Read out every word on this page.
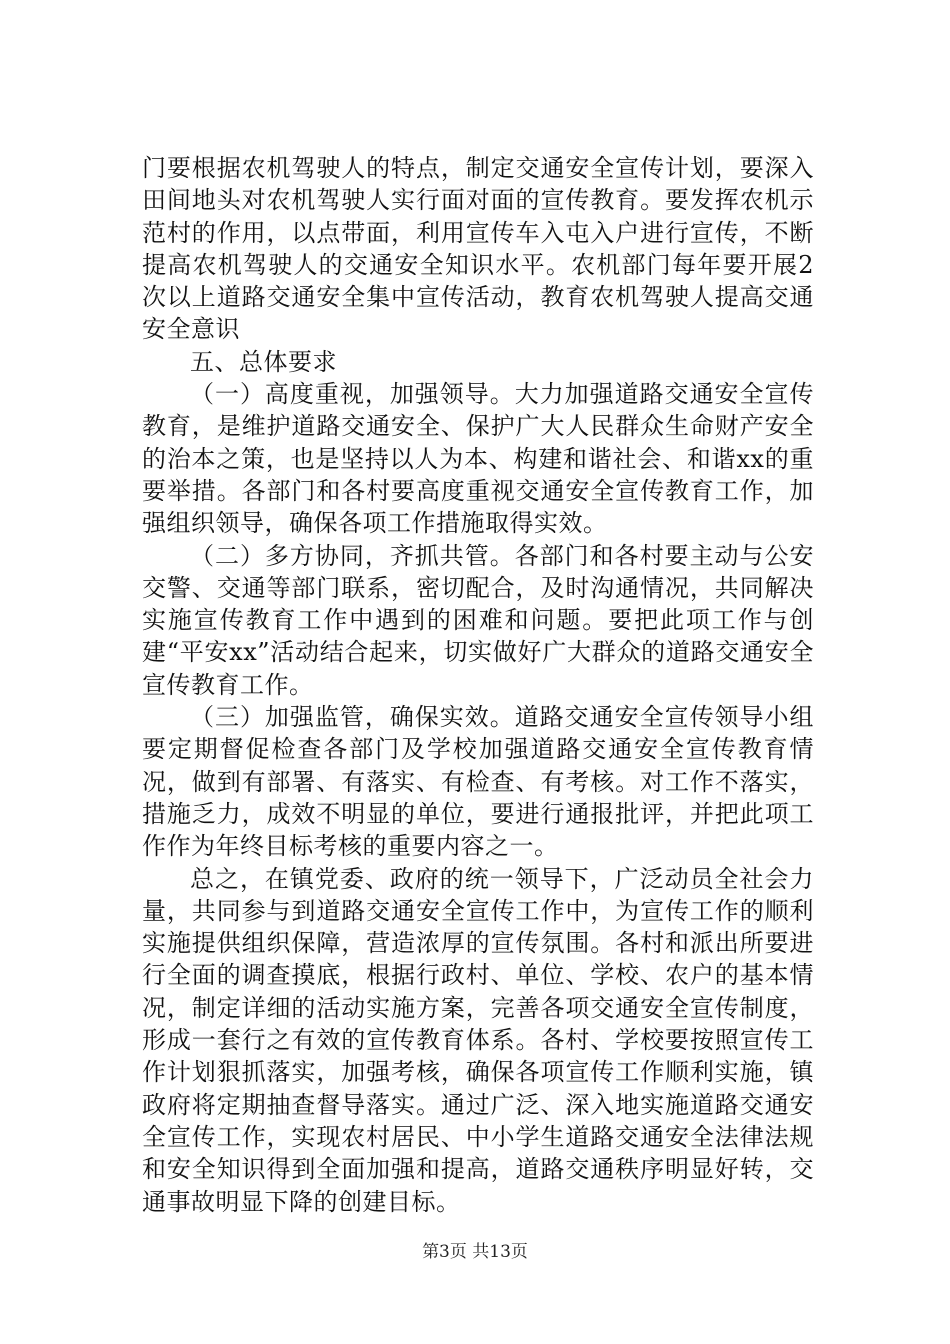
门要根据农机驾驶人的特点，制定交通安全宣传计划，要深入田间地头对农机驾驶人实行面对面的宣传教育。要发挥农机示范村的作用，以点带面，利用宣传车入屯入户进行宣传，不断提高农机驾驶人的交通安全知识水平。农机部门每年要开展2次以上道路交通安全集中宣传活动，教育农机驾驶人提高交通安全意识

五、总体要求

（一）高度重视，加强领导。大力加强道路交通安全宣传教育，是维护道路交通安全、保护广大人民群众生命财产安全的治本之策，也是坚持以人为本、构建和谐社会、和谐xx的重要举措。各部门和各村要高度重视交通安全宣传教育工作，加强组织领导，确保各项工作措施取得实效。

（二）多方协同，齐抓共管。各部门和各村要主动与公安交警、交通等部门联系，密切配合，及时沟通情况，共同解决实施宣传教育工作中遇到的困难和问题。要把此项工作与创建“平安xx”活动结合起来，切实做好广大群众的道路交通安全宣传教育工作。

（三）加强监管，确保实效。道路交通安全宣传领导小组要定期督促检查各部门及学校加强道路交通安全宣传教育情况，做到有部署、有落实、有检查、有考核。对工作不落实，措施乏力，成效不明显的单位，要进行通报批评，并把此项工作作为年终目标考核的重要内容之一。

总之，在镇党委、政府的统一领导下，广泛动员全社会力量，共同参与到道路交通安全宣传工作中，为宣传工作的顺利实施提供组织保障，营造浓厚的宣传氛围。各村和派出所要进行全面的调查摸底，根据行政村、单位、学校、农户的基本情况，制定详细的活动实施方案，完善各项交通安全宣传制度，形成一套行之有效的宣传教育体系。各村、学校要按照宣传工作计划狠抓落实，加强考核，确保各项宣传工作顺利实施，镇政府将定期抽查督导落实。通过广泛、深入地实施道路交通安全宣传工作，实现农村居民、中小学生道路交通安全法律法规和安全知识得到全面加强和提高，道路交通秩序明显好转，交通事故明显下降的创建目标。

第3页 共13页
